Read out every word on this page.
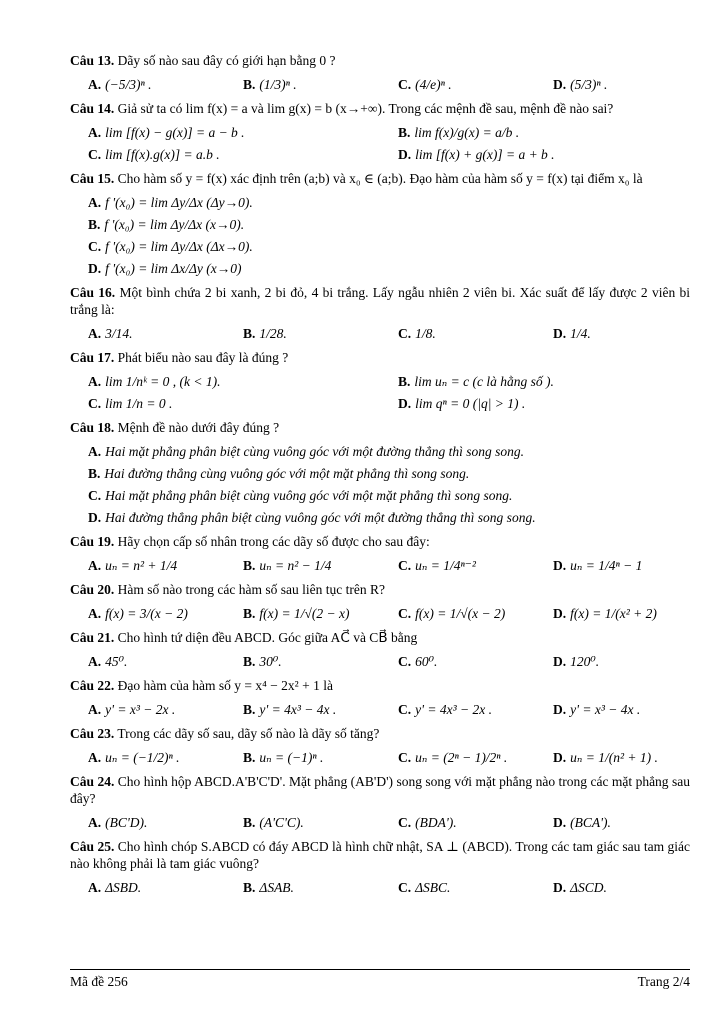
Câu 13. Dãy số nào sau đây có giới hạn bằng 0 ?
A. (−5/3)ⁿ .	B. (1/3)ⁿ .	C. (4/e)ⁿ .	D. (5/3)ⁿ .
Câu 14. Giả sử ta có lim f(x) = a và lim g(x) = b (x→+∞). Trong các mệnh đề sau, mệnh đề nào sai?
A. lim [f(x) − g(x)] = a − b .	B. lim f(x)/g(x) = a/b .
C. lim [f(x).g(x)] = a.b .	D. lim [f(x) + g(x)] = a + b .
Câu 15. Cho hàm số y = f(x) xác định trên (a;b) và x₀ ∈ (a;b). Đạo hàm của hàm số y = f(x) tại điểm x₀ là
A. f '(x₀) = lim Δy/Δx (Δy→0).
B. f '(x₀) = lim Δy/Δx (x→0).
C. f '(x₀) = lim Δy/Δx (Δx→0).
D. f '(x₀) = lim Δx/Δy (x→0)
Câu 16. Một bình chứa 2 bi xanh, 2 bi đỏ, 4 bi trắng. Lấy ngẫu nhiên 2 viên bi. Xác suất để lấy được 2 viên bi trắng là:
A. 3/14.	B. 1/28.	C. 1/8.	D. 1/4.
Câu 17. Phát biểu nào sau đây là đúng ?
A. lim 1/nᵏ = 0 , (k < 1).	B. lim uₙ = c (c là hằng số ).
C. lim 1/n = 0 .	D. lim qⁿ = 0 (|q| > 1) .
Câu 18. Mệnh đề nào dưới đây đúng ?
A. Hai mặt phẳng phân biệt cùng vuông góc với một đường thẳng thì song song.
B. Hai đường thẳng cùng vuông góc với một mặt phẳng thì song song.
C. Hai mặt phẳng phân biệt cùng vuông góc với một mặt phẳng thì song song.
D. Hai đường thẳng phân biệt cùng vuông góc với một đường thẳng thì song song.
Câu 19. Hãy chọn cấp số nhân trong các dãy số được cho sau đây:
A. uₙ = n² + 1/4	B. uₙ = n² − 1/4	C. uₙ = 1/4ⁿ⁻²	D. uₙ = 1/4ⁿ − 1
Câu 20. Hàm số nào trong các hàm số sau liên tục trên R?
A. f(x) = 3/(x − 2)	B. f(x) = 1/√(2 − x)	C. f(x) = 1/√(x − 2)	D. f(x) = 1/(x² + 2)
Câu 21. Cho hình tứ diện đều ABCD. Góc giữa AC⃗ và CB⃗ bằng
A. 45⁰.	B. 30⁰.	C. 60⁰.	D. 120⁰.
Câu 22. Đạo hàm của hàm số y = x⁴ − 2x² + 1 là
A. y' = x³ − 2x .	B. y' = 4x³ − 4x .	C. y' = 4x³ − 2x .	D. y' = x³ − 4x .
Câu 23. Trong các dãy số sau, dãy số nào là dãy số tăng?
A. uₙ = (−1/2)ⁿ .	B. uₙ = (−1)ⁿ .	C. uₙ = (2ⁿ − 1)/2ⁿ .	D. uₙ = 1/(n² + 1) .
Câu 24. Cho hình hộp ABCD.A'B'C'D'. Mặt phẳng (AB'D') song song với mặt phẳng nào trong các mặt phẳng sau đây?
A. (BC'D).	B. (A'C'C).	C. (BDA').	D. (BCA').
Câu 25. Cho hình chóp S.ABCD có đáy ABCD là hình chữ nhật, SA ⊥ (ABCD). Trong các tam giác sau tam giác nào không phải là tam giác vuông?
A. ΔSBD.	B. ΔSAB.	C. ΔSBC.	D. ΔSCD.
Mã đề 256	Trang 2/4
